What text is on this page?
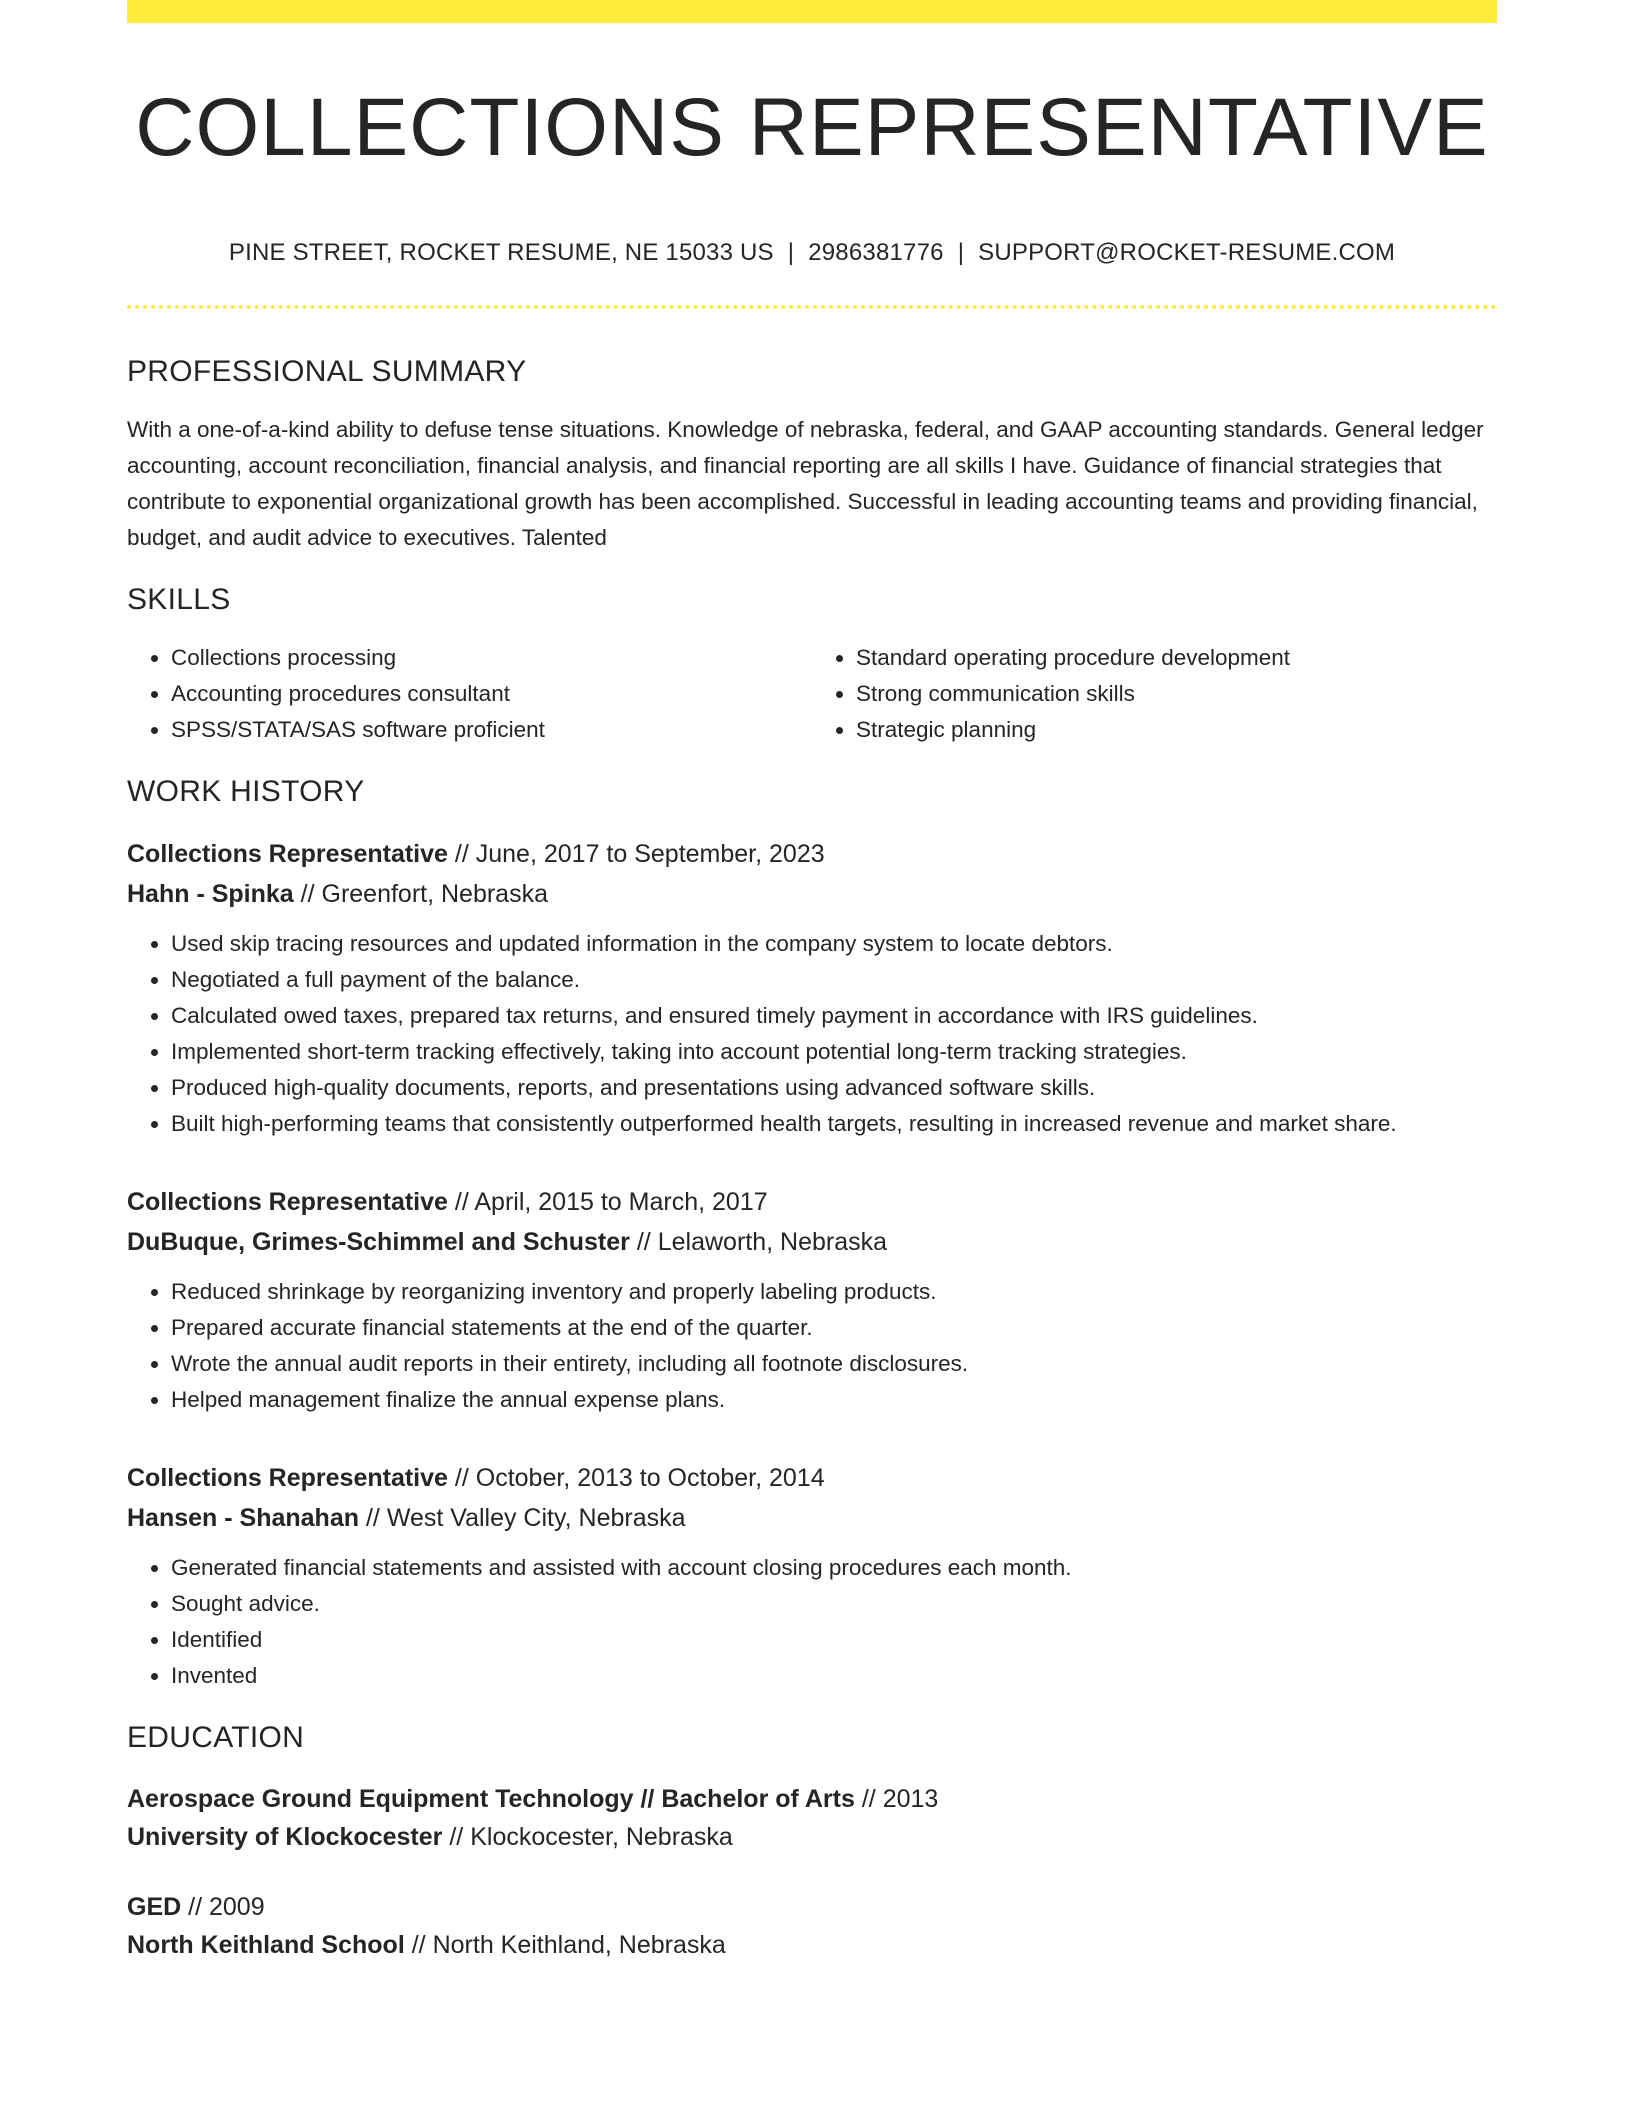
COLLECTIONS REPRESENTATIVE
PINE STREET, ROCKET RESUME, NE 15033 US | 2986381776 | SUPPORT@ROCKET-RESUME.COM
PROFESSIONAL SUMMARY

With a one-of-a-kind ability to defuse tense situations. Knowledge of nebraska, federal, and GAAP accounting standards. General ledger accounting, account reconciliation, financial analysis, and financial reporting are all skills I have. Guidance of financial strategies that contribute to exponential organizational growth has been accomplished. Successful in leading accounting teams and providing financial, budget, and audit advice to executives. Talented

SKILLS
• Collections processing
• Accounting procedures consultant
• SPSS/STATA/SAS software proficient
• Standard operating procedure development
• Strong communication skills
• Strategic planning
WORK HISTORY
Collections Representative // June, 2017 to September, 2023
Hahn - Spinka // Greenfort, Nebraska
• Used skip tracing resources and updated information in the company system to locate debtors.
• Negotiated a full payment of the balance.
• Calculated owed taxes, prepared tax returns, and ensured timely payment in accordance with IRS guidelines.
• Implemented short-term tracking effectively, taking into account potential long-term tracking strategies.
• Produced high-quality documents, reports, and presentations using advanced software skills.
• Built high-performing teams that consistently outperformed health targets, resulting in increased revenue and market share.
Collections Representative // April, 2015 to March, 2017
DuBuque, Grimes-Schimmel and Schuster // Lelaworth, Nebraska
• Reduced shrinkage by reorganizing inventory and properly labeling products.
• Prepared accurate financial statements at the end of the quarter.
• Wrote the annual audit reports in their entirety, including all footnote disclosures.
• Helped management finalize the annual expense plans.
Collections Representative // October, 2013 to October, 2014
Hansen - Shanahan // West Valley City, Nebraska
• Generated financial statements and assisted with account closing procedures each month.
• Sought advice.
• Identified
• Invented
EDUCATION
Aerospace Ground Equipment Technology // Bachelor of Arts // 2013
University of Klockocester // Klockocester, Nebraska
GED // 2009
North Keithland School // North Keithland, Nebraska
